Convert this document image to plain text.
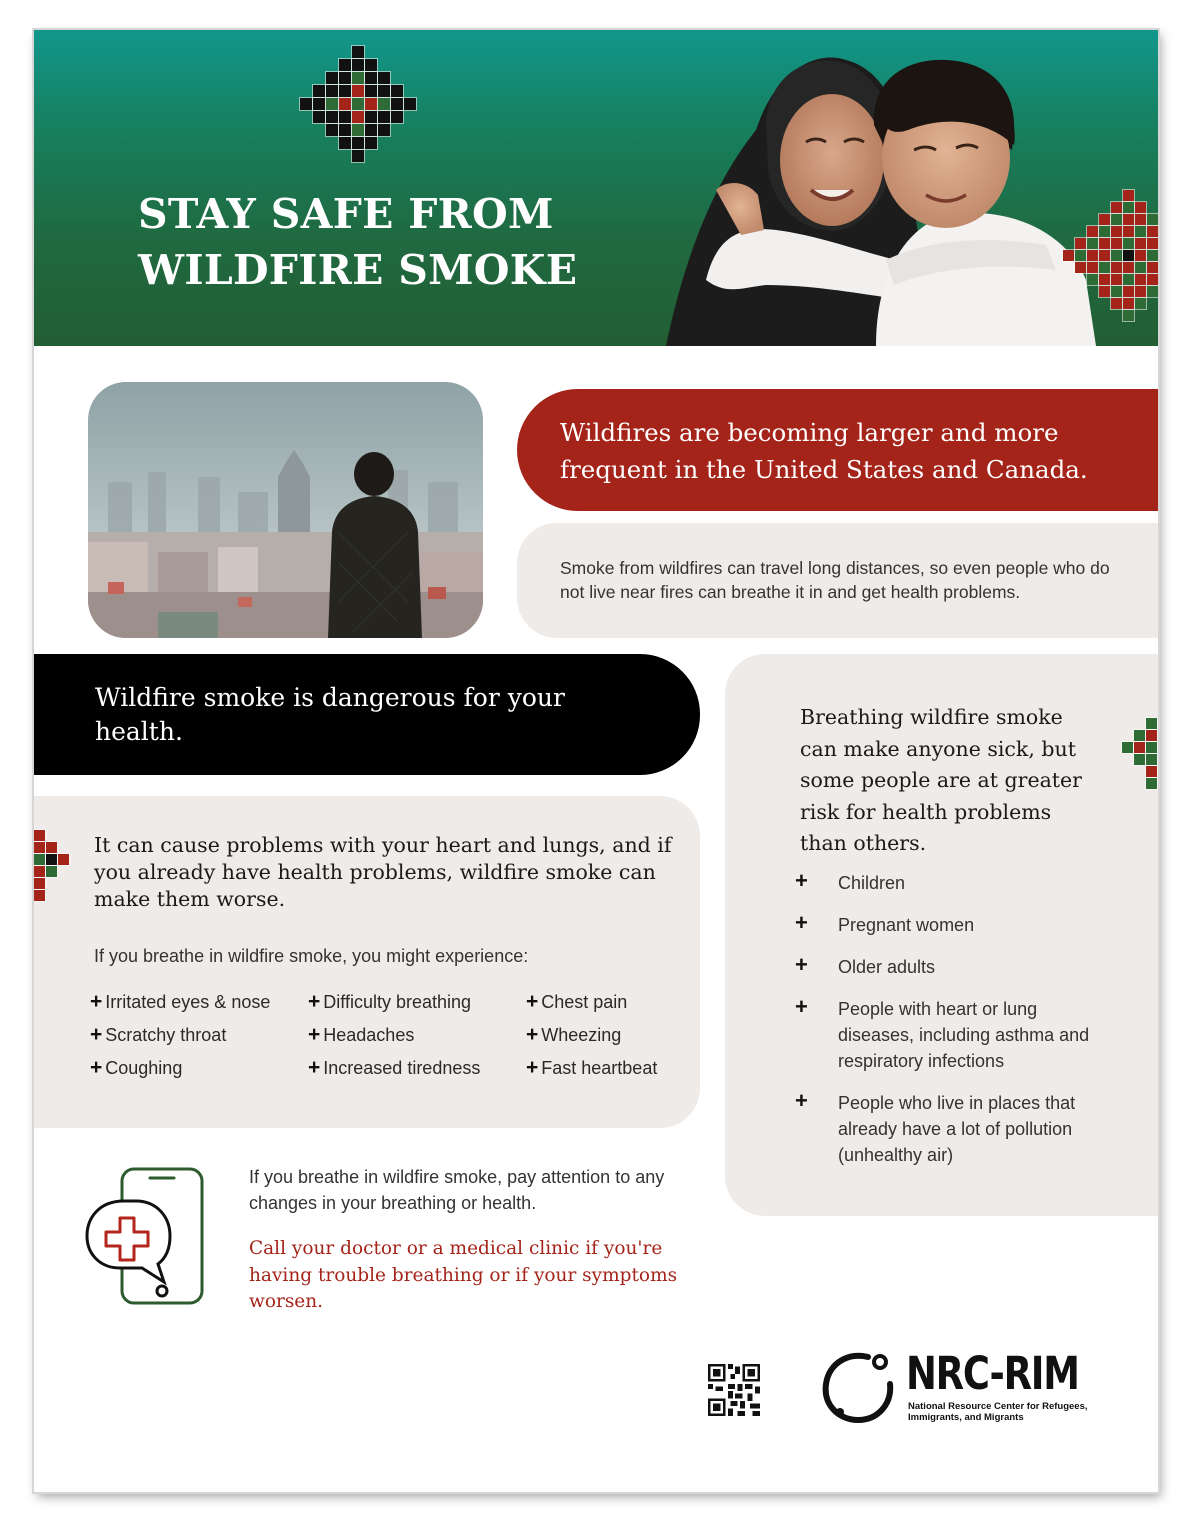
STAY SAFE FROM
WILDFIRE SMOKE

Wildfires are becoming larger and more frequent in the United States and Canada.

Smoke from wildfires can travel long distances, so even people who do not live near fires can breathe it in and get health problems.

Wildfire smoke is dangerous for your health.

It can cause problems with your heart and lungs, and if you already have health problems, wildfire smoke can make them worse.

If you breathe in wildfire smoke, you might experience:

+ Irritated eyes & nose	+ Difficulty breathing	+ Chest pain
+ Scratchy throat	+ Headaches	+ Wheezing
+ Coughing	+ Increased tiredness	+ Fast heartbeat

Breathing wildfire smoke can make anyone sick, but some people are at greater risk for health problems than others.

+ Children
+ Pregnant women
+ Older adults
+ People with heart or lung diseases, including asthma and respiratory infections
+ People who live in places that already have a lot of pollution (unhealthy air)

If you breathe in wildfire smoke, pay attention to any changes in your breathing or health.

Call your doctor or a medical clinic if you're having trouble breathing or if your symptoms worsen.

NRC-RIM

National Resource Center for Refugees, Immigrants, and Migrants
